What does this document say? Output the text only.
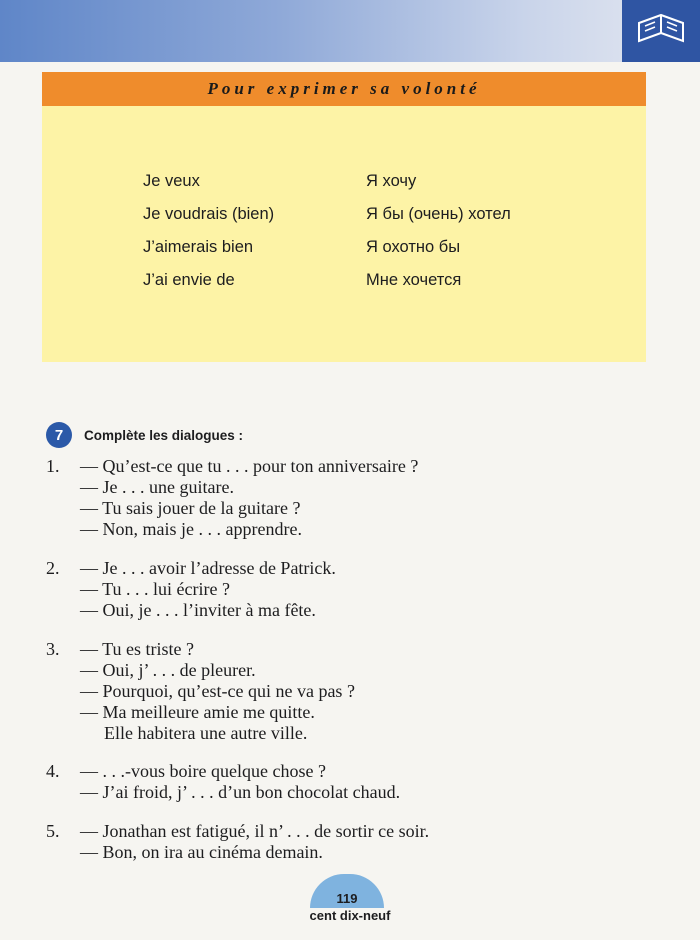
Pour exprimer sa volonté
Je veux	Я хочу
Je voudrais (bien)	Я бы (очень) хотел
J’aimerais bien	Я охотно бы
J’ai envie de	Мне хочется
7	Complète les dialogues :
1. — Qu’est-ce que tu . . . pour ton anniversaire ?
— Je . . . une guitare.
— Tu sais jouer de la guitare ?
— Non, mais je . . . apprendre.
2. — Je . . . avoir l’adresse de Patrick.
— Tu . . . lui écrire ?
— Oui, je . . . l’inviter à ma fête.
3. — Tu es triste ?
— Oui, j’ . . . de pleurer.
— Pourquoi, qu’est-ce qui ne va pas ?
— Ma meilleure amie me quitte.
Elle habitera une autre ville.
4. — . . .-vous boire quelque chose ?
— J’ai froid, j’ . . . d’un bon chocolat chaud.
5. — Jonathan est fatigué, il n’ . . . de sortir ce soir.
— Bon, on ira au cinéma demain.
119
cent dix-neuf
